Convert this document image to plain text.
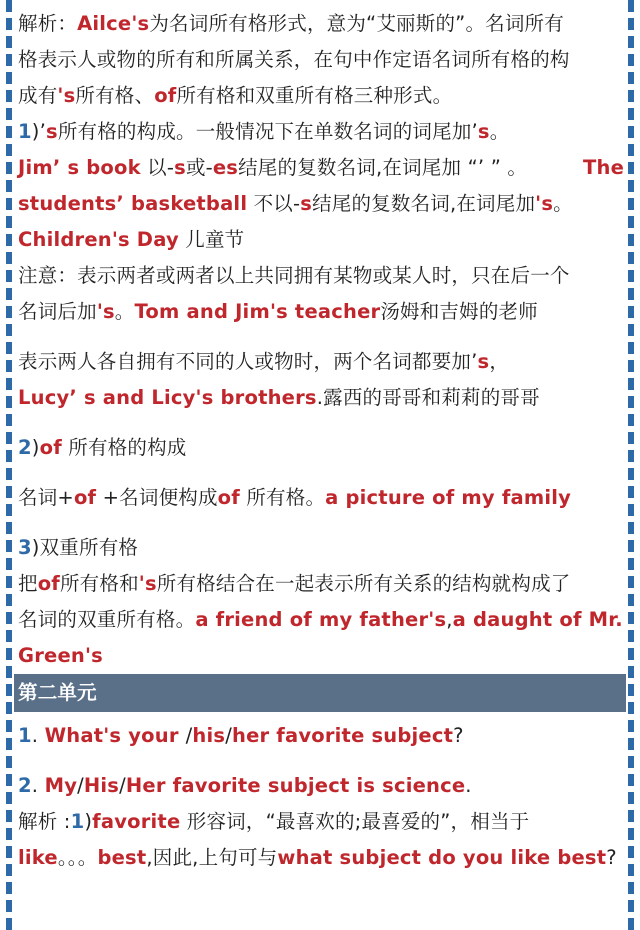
解析：Ailce's为名词所有格形式，意为“艾丽斯的”。名词所有
格表示人或物的所有和所属关系，在句中作定语名词所有格的构
成有's所有格、of所有格和双重所有格三种形式。
1)’s所有格的构成。一般情况下在单数名词的词尾加’s。
Jim’ s book 以-s或-es结尾的复数名词,在词尾加 “’ ” 。	The
students’ basketball 不以-s结尾的复数名词,在词尾加's。
Children's Day 儿童节
注意：表示两者或两者以上共同拥有某物或某人时，只在后一个
名词后加's。Tom and Jim's teacher汤姆和吉姆的老师
表示两人各自拥有不同的人或物时，两个名词都要加’s，
Lucy’ s and Licy's brothers.露西的哥哥和莉莉的哥哥
2)of 所有格的构成
名词+of +名词便构成of 所有格。a picture of my family
3)双重所有格
把of所有格和's所有格结合在一起表示所有关系的结构就构成了
名词的双重所有格。a friend of my father's,a daught of Mr.
Green's
第二单元
1. What's your /his/her favorite subject?
2. My/His/Her favorite subject is science.
解析 :1)favorite 形容词，“最喜欢的;最喜爱的”，相当于
like。。。best,因此,上句可与what subject do you like best?
